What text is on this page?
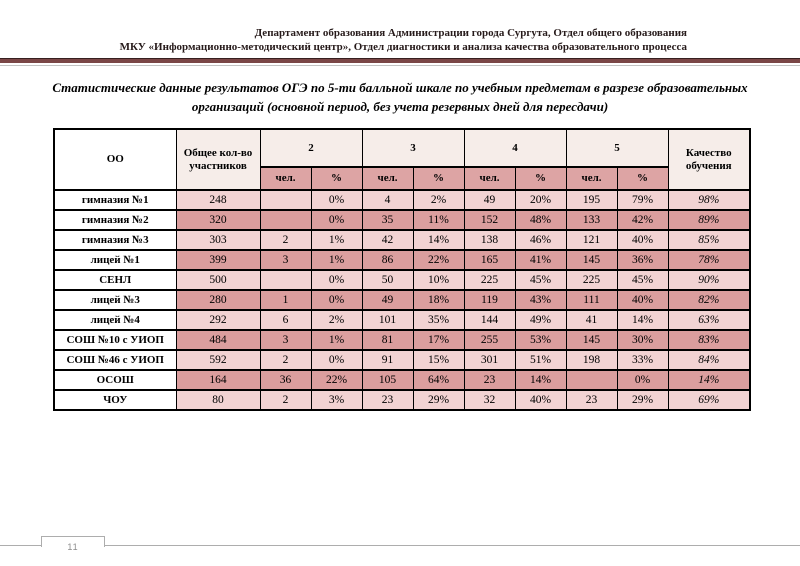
Департамент образования Администрации города Сургута, Отдел общего образования
МКУ «Информационно-методический центр», Отдел диагностики и анализа качества образовательного процесса
Статистические данные результатов ОГЭ по 5-ти балльной шкале по учебным предметам в разрезе образовательных
организаций (основной период, без учета резервных дней для пересдачи)
ОО	Общее кол-во участников	2		3		4		5		Качество обучения
		чел.	%	чел.	%	чел.	%	чел.	%	
гимназия №1	248		0%	4	2%	49	20%	195	79%	98%
гимназия №2	320		0%	35	11%	152	48%	133	42%	89%
гимназия №3	303	2	1%	42	14%	138	46%	121	40%	85%
лицей №1	399	3	1%	86	22%	165	41%	145	36%	78%
СЕНЛ	500		0%	50	10%	225	45%	225	45%	90%
лицей №3	280	1	0%	49	18%	119	43%	111	40%	82%
лицей №4	292	6	2%	101	35%	144	49%	41	14%	63%
СОШ №10 с УИОП	484	3	1%	81	17%	255	53%	145	30%	83%
СОШ №46 с УИОП	592	2	0%	91	15%	301	51%	198	33%	84%
ОСОШ	164	36	22%	105	64%	23	14%		0%	14%
ЧОУ	80	2	3%	23	29%	32	40%	23	29%	69%
11
